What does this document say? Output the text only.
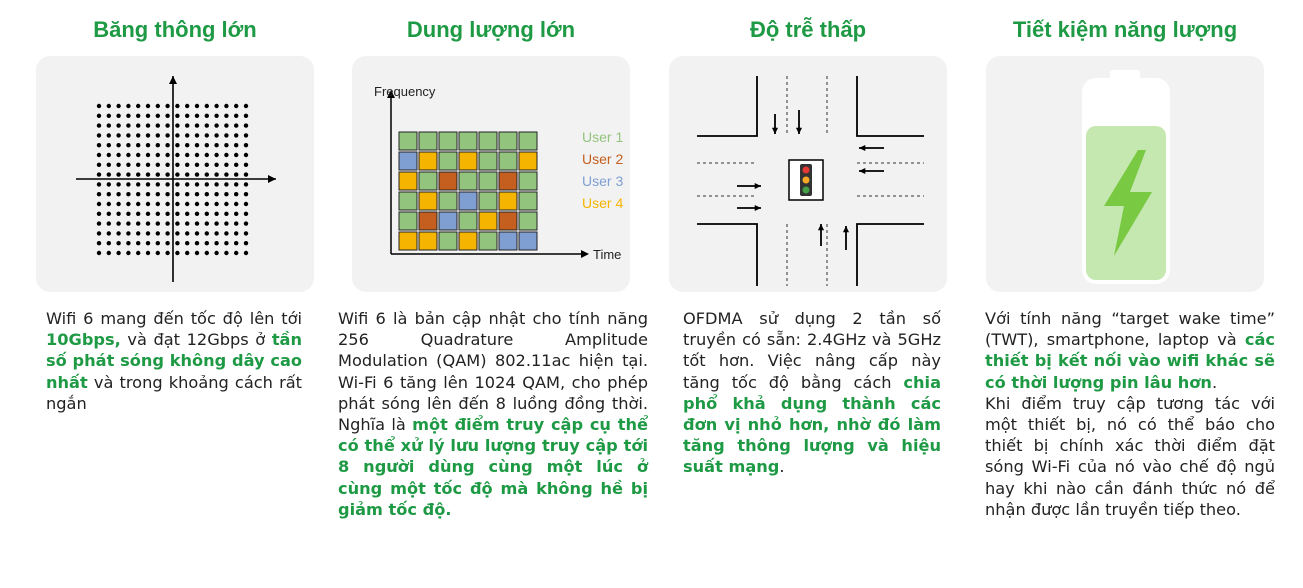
Băng thông lớn
Wifi 6 mang đến tốc độ lên tới 10Gbps, và đạt 12Gbps ở tần số phát sóng không dây cao nhất và trong khoảng cách rất ngắn
Dung lượng lớn
Frequency
Time
User 1
User 2
User 3
User 4
Wifi 6 là bản cập nhật cho tính năng 256 Quadrature Amplitude Modulation (QAM) 802.11ac hiện tại. Wi-Fi 6 tăng lên 1024 QAM, cho phép phát sóng lên đến 8 luồng đồng thời. Nghĩa là một điểm truy cập cụ thể có thể xử lý lưu lượng truy cập tới 8 người dùng cùng một lúc ở cùng một tốc độ mà không hề bị giảm tốc độ.
Độ trễ thấp
OFDMA sử dụng 2 tần số truyền có sẵn: 2.4GHz và 5GHz tốt hơn. Việc nâng cấp này tăng tốc độ bằng cách chia phổ khả dụng thành các đơn vị nhỏ hơn, nhờ đó làm tăng thông lượng và hiệu suất mạng.
Tiết kiệm năng lượng
Với tính năng “target wake time” (TWT), smartphone, laptop và các thiết bị kết nối vào wifi khác sẽ có thời lượng pin lâu hơn.
Khi điểm truy cập tương tác với một thiết bị, nó có thể báo cho thiết bị chính xác thời điểm đặt sóng Wi-Fi của nó vào chế độ ngủ hay khi nào cần đánh thức nó để nhận được lần truyền tiếp theo.
